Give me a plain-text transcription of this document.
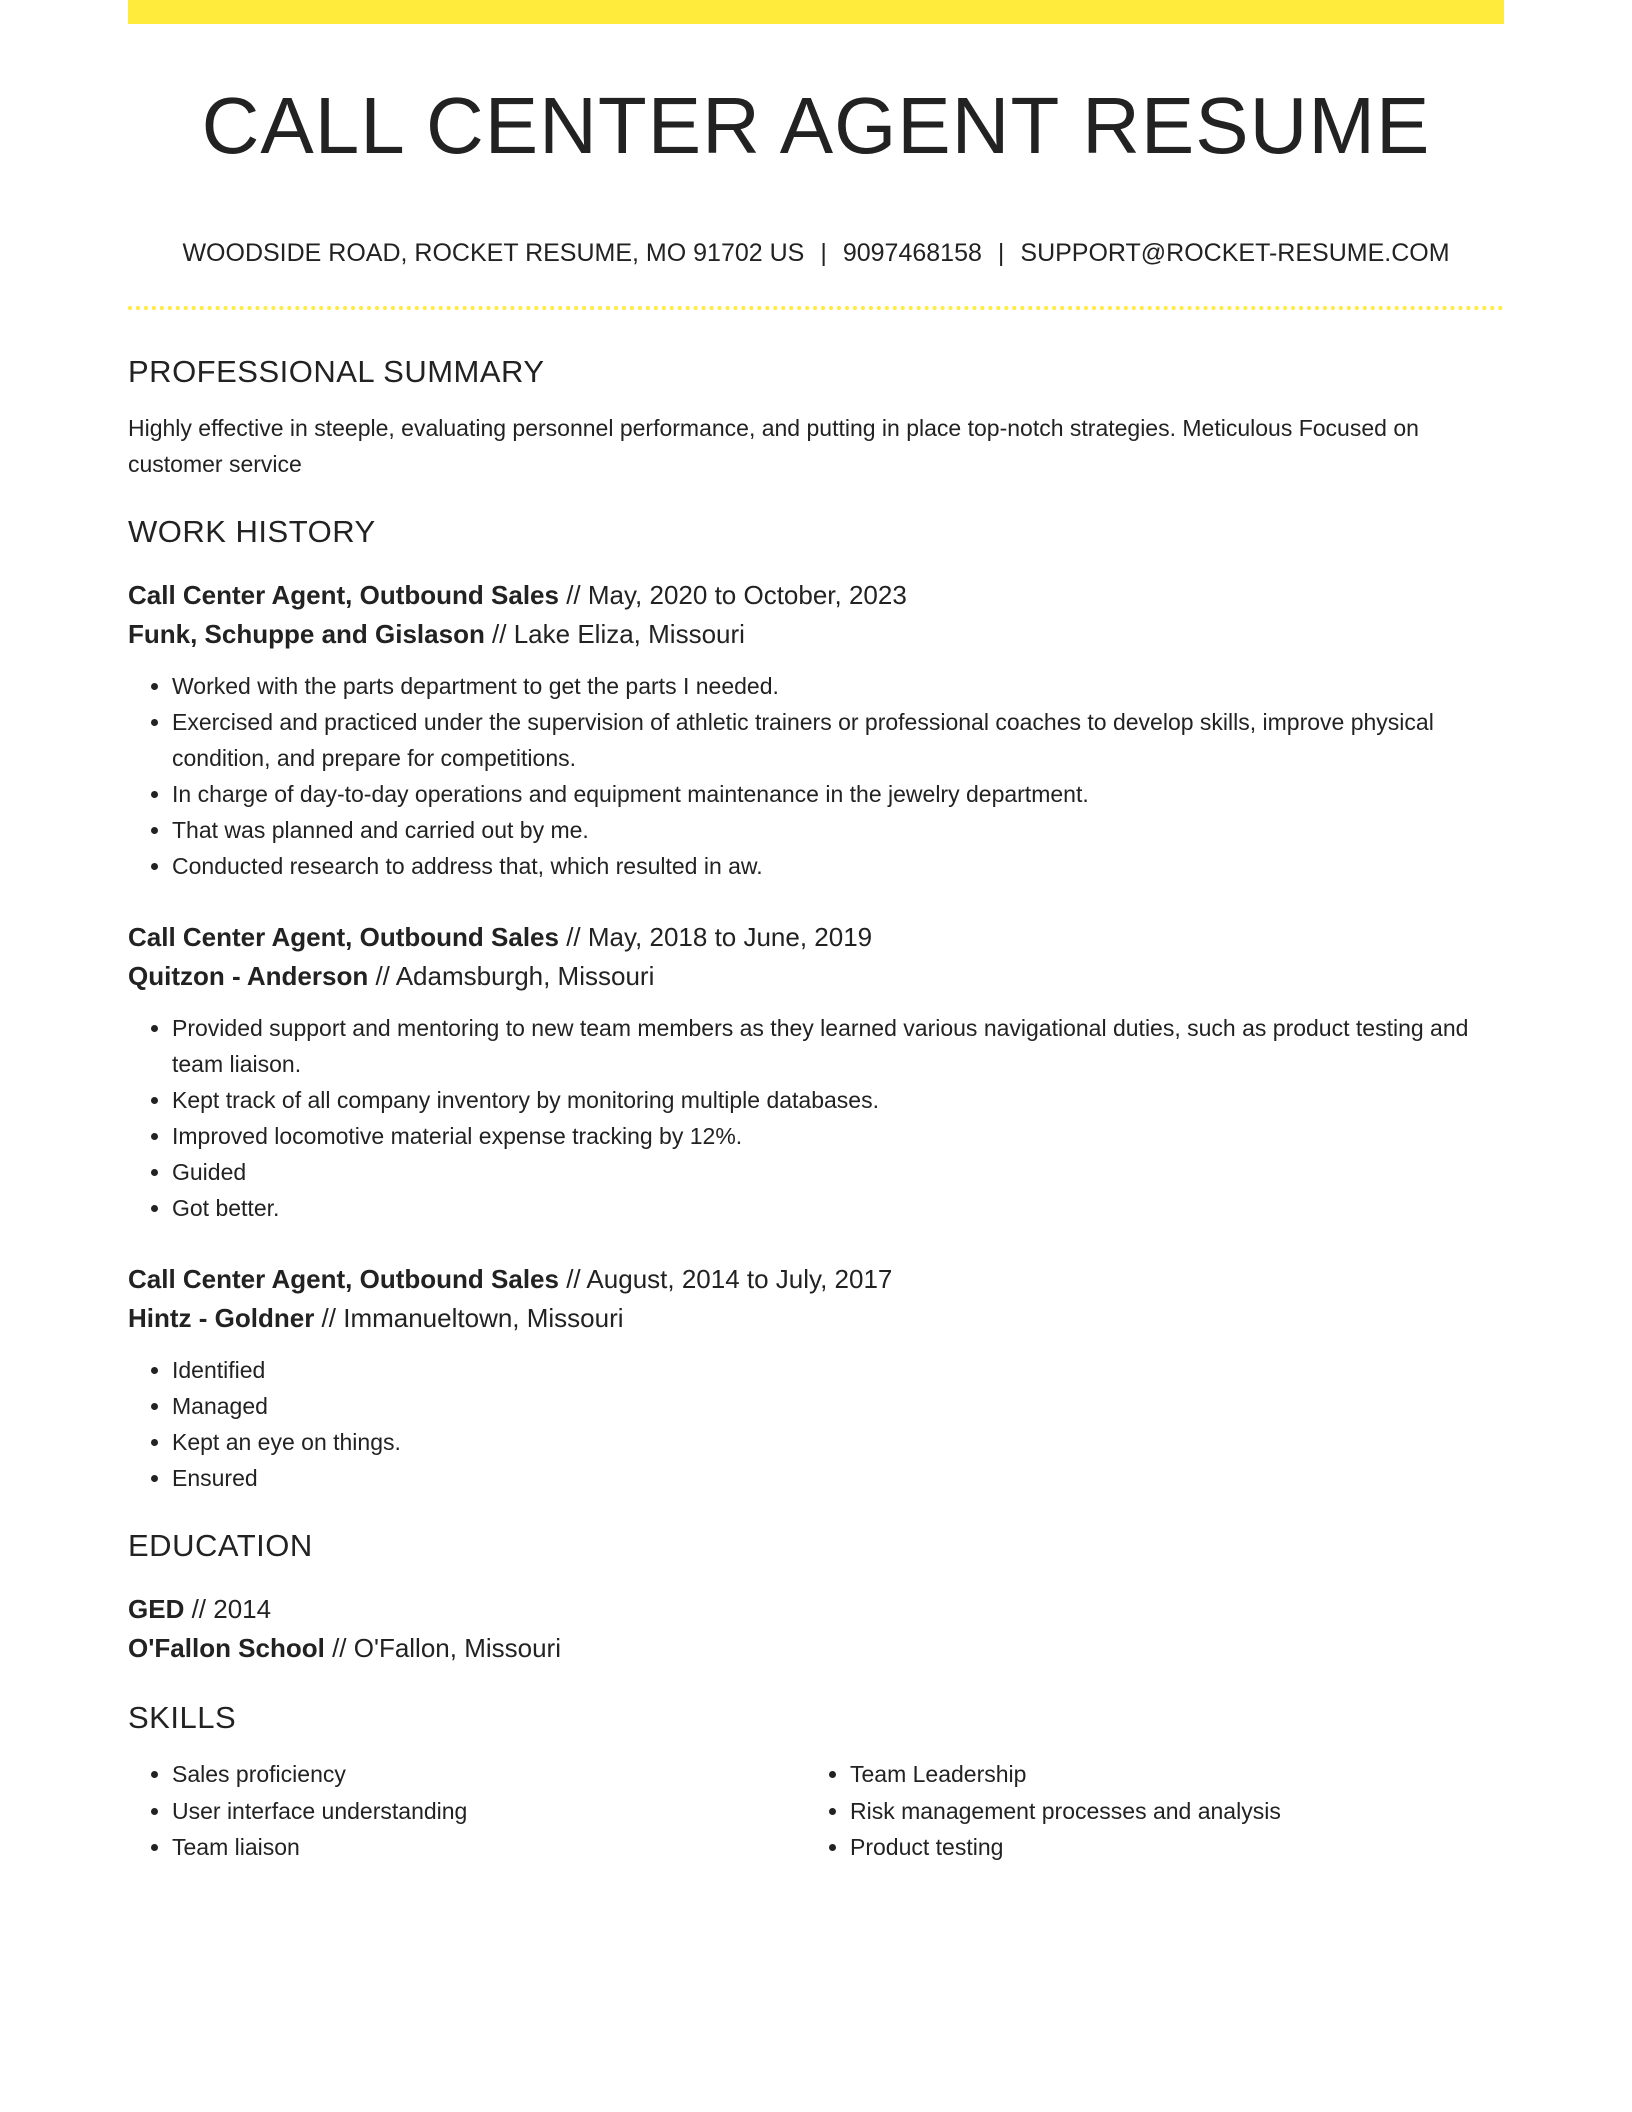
CALL CENTER AGENT RESUME
WOODSIDE ROAD, ROCKET RESUME, MO 91702 US | 9097468158 | SUPPORT@ROCKET-RESUME.COM
PROFESSIONAL SUMMARY

Highly effective in steeple, evaluating personnel performance, and putting in place top-notch strategies. Meticulous Focused on customer service

WORK HISTORY
Call Center Agent, Outbound Sales // May, 2020 to October, 2023
Funk, Schuppe and Gislason // Lake Eliza, Missouri
• Worked with the parts department to get the parts I needed.
• Exercised and practiced under the supervision of athletic trainers or professional coaches to develop skills, improve physical condition, and prepare for competitions.
• In charge of day-to-day operations and equipment maintenance in the jewelry department.
• That was planned and carried out by me.
• Conducted research to address that, which resulted in aw.
Call Center Agent, Outbound Sales // May, 2018 to June, 2019
Quitzon - Anderson // Adamsburgh, Missouri
• Provided support and mentoring to new team members as they learned various navigational duties, such as product testing and team liaison.
• Kept track of all company inventory by monitoring multiple databases.
• Improved locomotive material expense tracking by 12%.
• Guided
• Got better.
Call Center Agent, Outbound Sales // August, 2014 to July, 2017
Hintz - Goldner // Immanueltown, Missouri
• Identified
• Managed
• Kept an eye on things.
• Ensured
EDUCATION
GED // 2014
O'Fallon School // O'Fallon, Missouri
SKILLS
• Sales proficiency
• User interface understanding
• Team liaison
• Team Leadership
• Risk management processes and analysis
• Product testing
